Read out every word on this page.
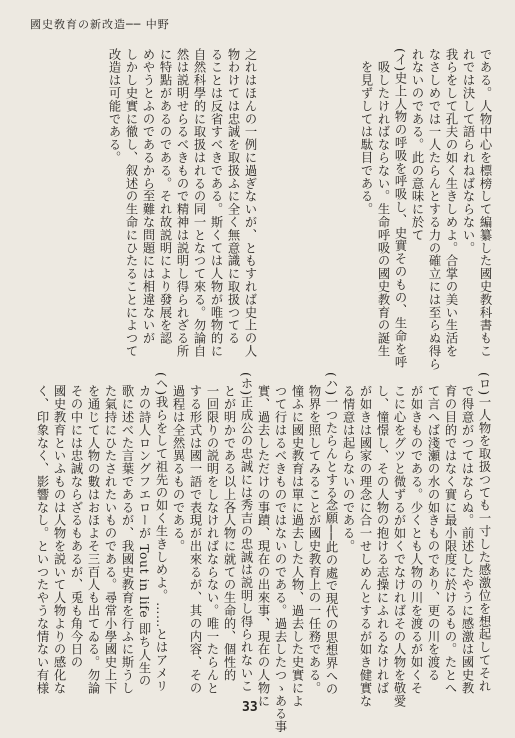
國史敎育の新改造── 中野
である。人物中心を標榜して編纂した國史教科書もこ
れでは決して語られねばならない。
我らをして孔夫の如く生きしめよ。合掌の美い生活を
なさしめでは一人たらんとする力の確立には至らぬ得ら
れないのである。此の意味に於て
(イ)史上人物の呼吸を呼吸し、史實そのもの、生命を呼
　吸したければならない。生命呼吸の國史教育の誕生
　を見ずしては駄目である。
之れはほんの一例に過ぎないが、ともすれば史上の人
物わけては忠誠を取扱ふに全く無意識に取扱つてる
ることは反省すべきである。斯くては人物が唯物的に
自然科學的に取扱はれるの同一となつて來る。勿論自
然は説明せらるべきもので精神は説明し得られざる所
に特點があるのである。それ故説明により發展を認
めやうとふのであるから至難な問題には相違ないが
しかし史實に徹し、叙述の生命にひたることによつて
改造は可能である。
(ロ)一人物を取扱つても一寸した感激位を想起してそれ
　で得意がつてはならぬ。前述したやうに感激は國史教
　育の目的ではなく實に最小限度に於けるもの。たとへ
　て言へば淺瀬の水の如きものであり、更の川を渡る
　が如きものである。少くとも人物の川を渡るが如くそ
　こに心をグツと微ずるが如くでなければその人物を敬愛
　し、憧憬し、その人物の抱ける志操にふれるなければ
　が如きは國家の理念に合一せしめんとするが如き健實な
　る情意は起らないのである。
(ハ)一つたらんとする念願──此の處で現代の思想界への
　物界を照してみることが國史教育上の一任務である。
　憧ふに國史教育は單に過去した人物、過去した史實によ
　つて行はるべきものではないのである。過去したつゝある事
　實、過去しただけの事蹟、現在の出來事、現在の人物に
(ホ)正成公の忠誠には秀吉の忠誠は説明し得られないこ
　とが明かである以上各人物に就ての生命的、個性的
　一回限りの説明をしなければならない。唯一たらんと
　する形式は國一語で表現が出來るが、其の内容、その
　過程は全然異るものである。
(ヘ)我らをして祖先の如く生きしめよ。……とはアメリ
　カの詩人ロングフエローが Tout in life 即ち人生の
　歌に述べた言葉であるが、我國史教育を行ふに斯うし
　た氣持にひたされたいものである。尋常小學國史上下
　を通じて人物の數はおほよそ三百人も出てゐる。勿論
　その中には忠誠ならざるもあるが、兎も角今日の
　國史教育といふものは人物を説いて人物よりの感化な
　く、印象なく、影響なし。といつたやうな情ない有様
33
